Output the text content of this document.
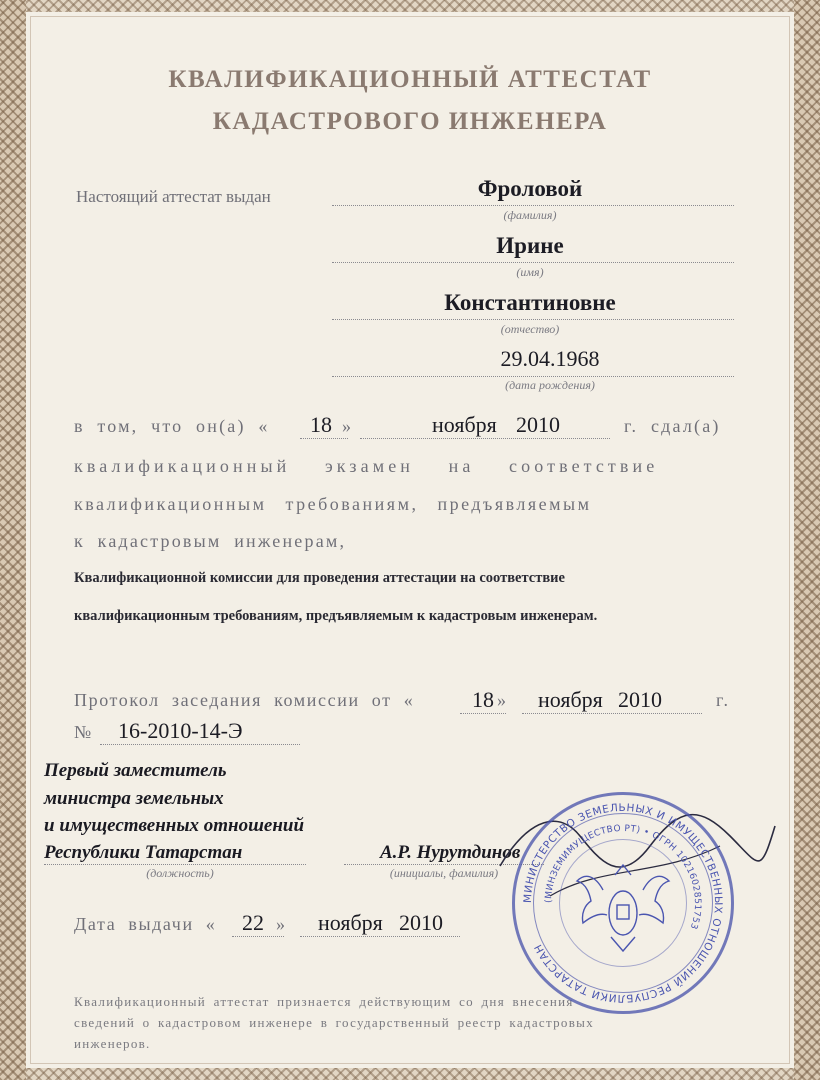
КВАЛИФИКАЦИОННЫЙ АТТЕСТАТ
КАДАСТРОВОГО ИНЖЕНЕРА
Настоящий аттестат выдан	Фроловой
(фамилия)
Ирине
(имя)
Константиновне
(отчество)
29.04.1968
(дата рождения)
в том, что он(а) « 18 »	ноября 2010	г. сдал(а)
квалификационный экзамен на соответствие
квалификационным требованиям, предъявляемым
к кадастровым инженерам,
Квалификационной комиссии для проведения аттестации на соответствие
квалификационным требованиям, предъявляемым к кадастровым инженерам.
Протокол заседания комиссии от «	18 » ноября 2010	г.
№ 16-2010-14-Э
Первый заместитель
министра земельных
и имущественных отношений
Республики Татарстан
(должность)
А.Р. Нурутдинов
(инициалы, фамилия)
Дата выдачи « 22 » ноября 2010
Квалификационный аттестат признается действующим со дня внесения
сведений о кадастровом инженере в государственный реестр кадастровых
инженеров.
МИНИСТЕРСТВО ЗЕМЕЛЬНЫХ И ИМУЩЕСТВЕННЫХ ОТНОШЕНИЙ РЕСПУБЛИКИ ТАТАРСТАН
(МИНЗЕМИМУЩЕСТВО РТ) • ОГРН 1021602851753
